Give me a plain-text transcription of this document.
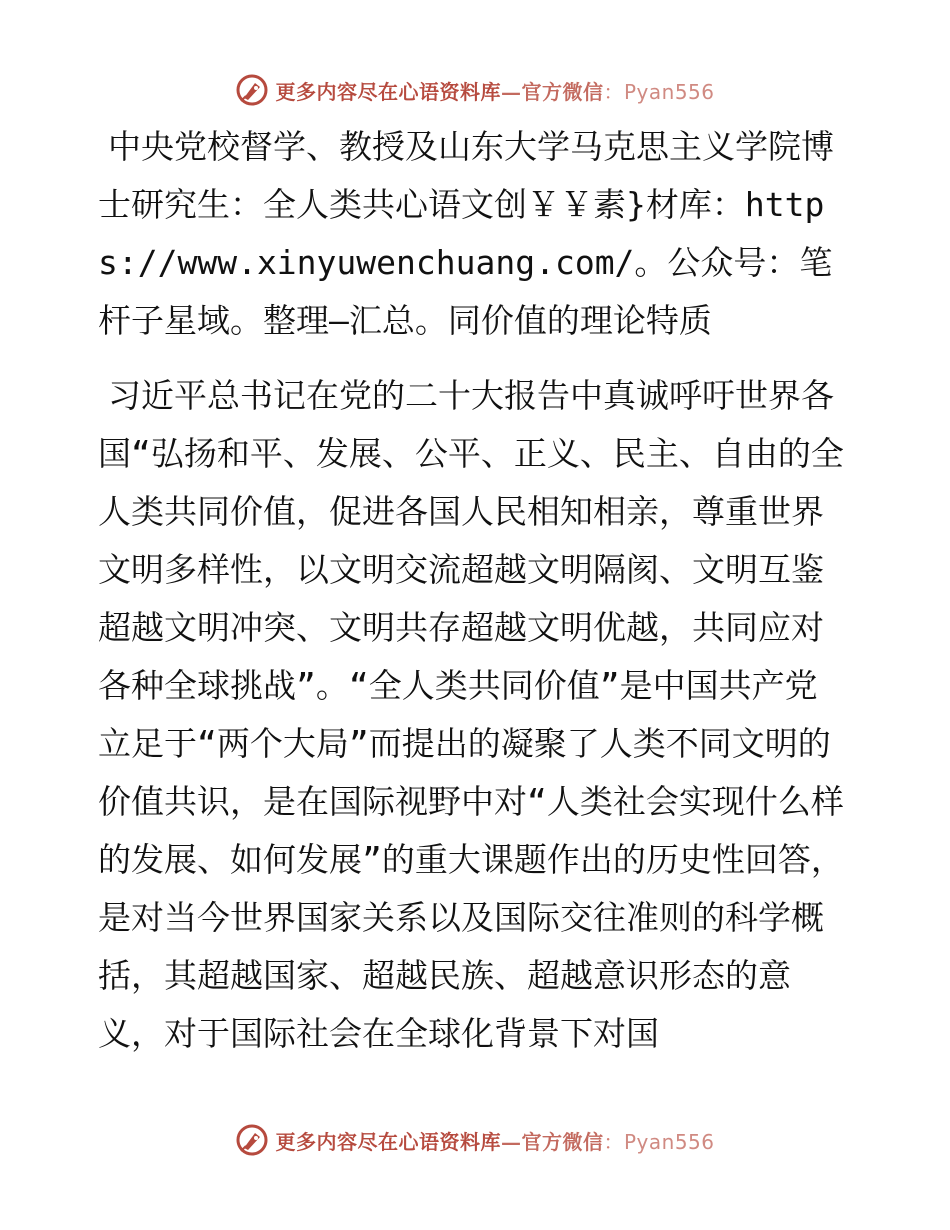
更多内容尽在心语资料库—官方微信：Pyan556

中央党校督学、教授及山东大学马克思主义学院博士研究生：全人类共心语文创￥￥素}材库：https://www.xinyuwenchuang.com/。公众号：笔杆子星域。整理—汇总。同价值的理论特质

习近平总书记在党的二十大报告中真诚呼吁世界各国“弘扬和平、发展、公平、正义、民主、自由的全人类共同价值，促进各国人民相知相亲，尊重世界文明多样性，以文明交流超越文明隔阂、文明互鉴超越文明冲突、文明共存超越文明优越，共同应对各种全球挑战”。“全人类共同价值”是中国共产党立足于“两个大局”而提出的凝聚了人类不同文明的价值共识，是在国际视野中对“人类社会实现什么样的发展、如何发展”的重大课题作出的历史性回答，是对当今世界国家关系以及国际交往准则的科学概括，其超越国家、超越民族、超越意识形态的意义，对于国际社会在全球化背景下对国

更多内容尽在心语资料库—官方微信：Pyan556
